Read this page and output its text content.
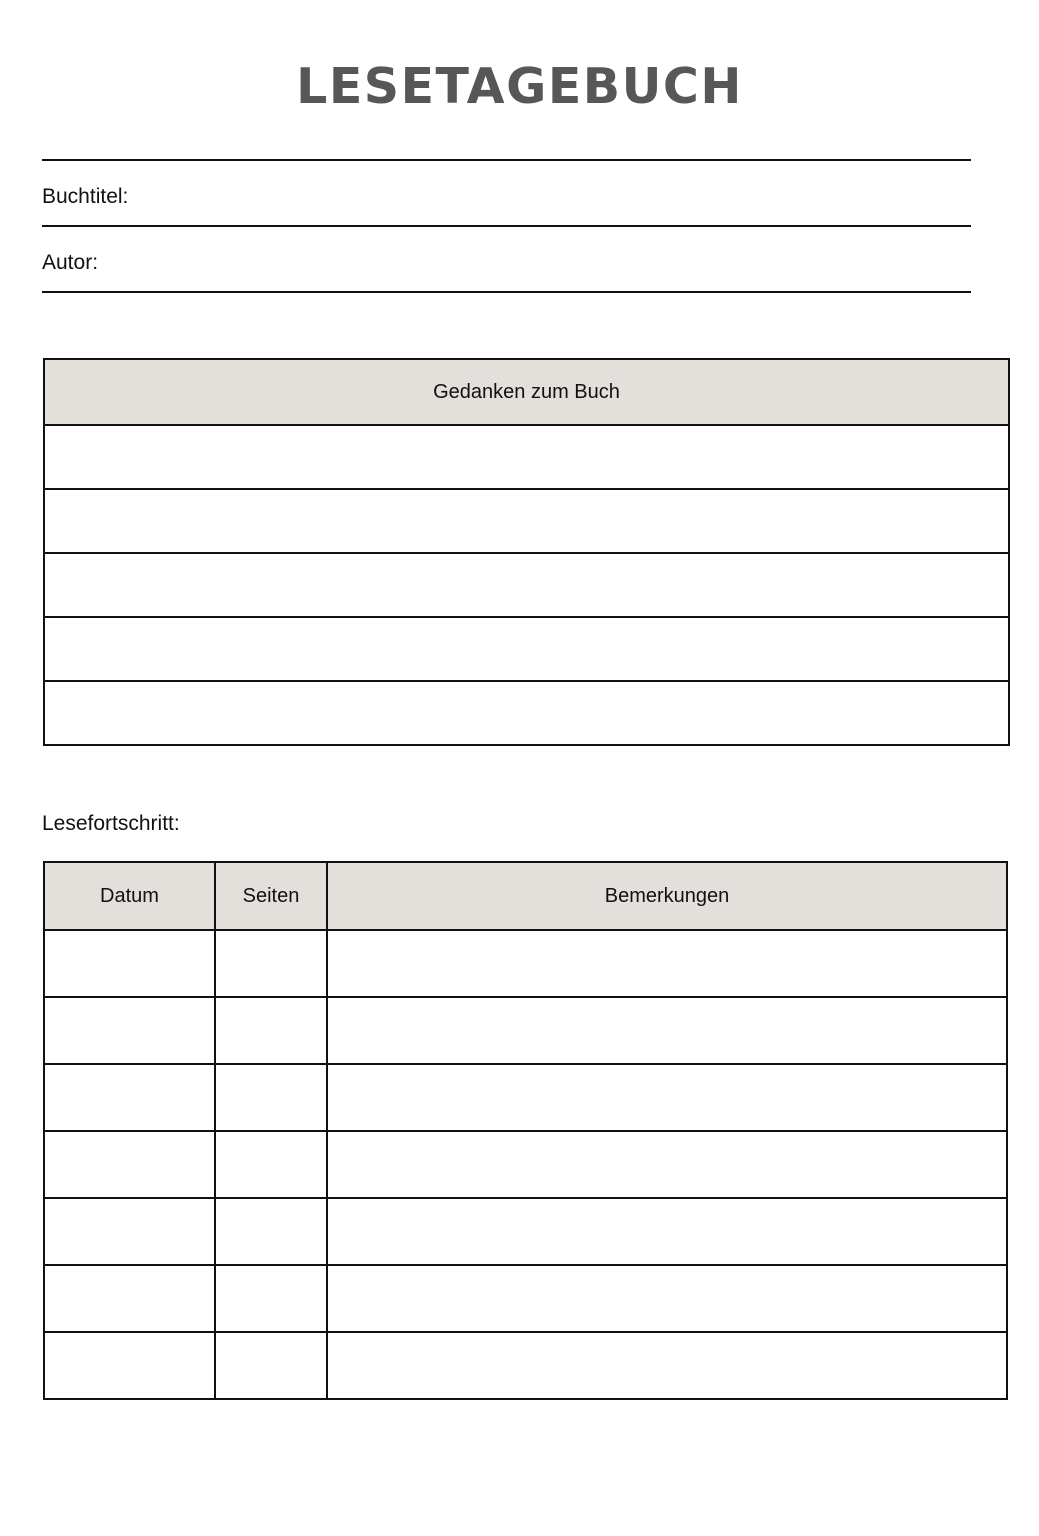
LESETAGEBUCH
Buchtitel:
Autor:
Gedanken zum Buch

Lesefortschritt:
Datum	Seiten	Bemerkungen
